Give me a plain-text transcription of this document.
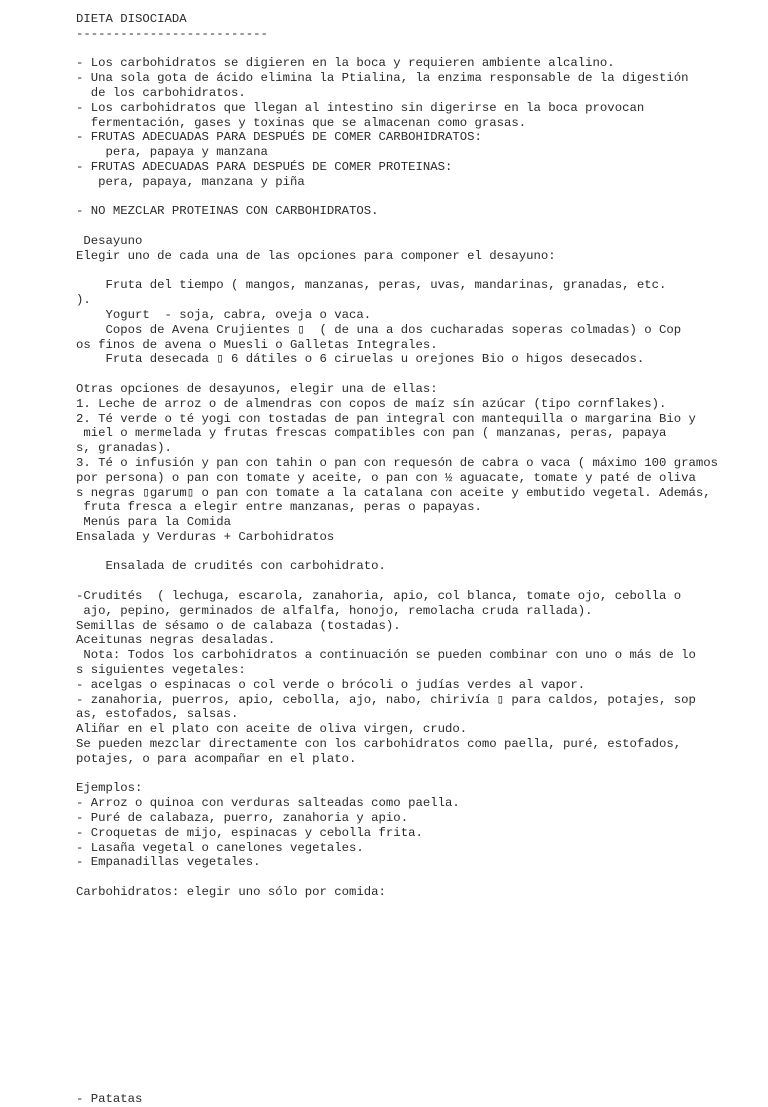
DIETA DISOCIADA
--------------------------
- Los carbohidratos se digieren en la boca y requieren ambiente alcalino.
- Una sola gota de ácido elimina la Ptialina, la enzima responsable de la digestión
de los carbohidratos.
- Los carbohidratos que llegan al intestino sin digerirse en la boca provocan
fermentación, gases y toxinas que se almacenan como grasas.
- FRUTAS ADECUADAS PARA DESPUÉS DE COMER CARBOHIDRATOS:
pera, papaya y manzana
- FRUTAS ADECUADAS PARA DESPUÉS DE COMER PROTEINAS:
pera, papaya, manzana y piña
- NO MEZCLAR PROTEINAS CON CARBOHIDRATOS.
Desayuno
Elegir uno de cada una de las opciones para componer el desayuno:
Fruta del tiempo ( mangos, manzanas, peras, uvas, mandarinas, granadas, etc.
).
Yogurt  - soja, cabra, oveja o vaca.
Copos de Avena Crujientes ▯  ( de una a dos cucharadas soperas colmadas) o Cop
os finos de avena o Muesli o Galletas Integrales.
Fruta desecada ▯ 6 dátiles o 6 ciruelas u orejones Bio o higos desecados.
Otras opciones de desayunos, elegir una de ellas:
1. Leche de arroz o de almendras con copos de maíz sín azúcar (tipo cornflakes).
2. Té verde o té yogi con tostadas de pan integral con mantequilla o margarina Bio y
miel o mermelada y frutas frescas compatibles con pan ( manzanas, peras, papaya
s, granadas).
3. Té o infusión y pan con tahin o pan con requesón de cabra o vaca ( máximo 100 gramos
por persona) o pan con tomate y aceite, o pan con ½ aguacate, tomate y paté de oliva
s negras ▯garum▯ o pan con tomate a la catalana con aceite y embutido vegetal. Además,
fruta fresca a elegir entre manzanas, peras o papayas.
Menús para la Comida
Ensalada y Verduras + Carbohidratos
Ensalada de crudités con carbohidrato.
-Crudités  ( lechuga, escarola, zanahoria, apio, col blanca, tomate ojo, cebolla o
ajo, pepino, germinados de alfalfa, honojo, remolacha cruda rallada).
Semillas de sésamo o de calabaza (tostadas).
Aceitunas negras desaladas.
Nota: Todos los carbohidratos a continuación se pueden combinar con uno o más de lo
s siguientes vegetales:
- acelgas o espinacas o col verde o brócoli o judías verdes al vapor.
- zanahoria, puerros, apio, cebolla, ajo, nabo, chirivía ▯ para caldos, potajes, sop
as, estofados, salsas.
Aliñar en el plato con aceite de oliva virgen, crudo.
Se pueden mezclar directamente con los carbohidratos como paella, puré, estofados,
potajes, o para acompañar en el plato.
Ejemplos:
- Arroz o quinoa con verduras salteadas como paella.
- Puré de calabaza, puerro, zanahoria y apio.
- Croquetas de mijo, espinacas y cebolla frita.
- Lasaña vegetal o canelones vegetales.
- Empanadillas vegetales.
Carbohidratos: elegir uno sólo por comida:
- Patatas
